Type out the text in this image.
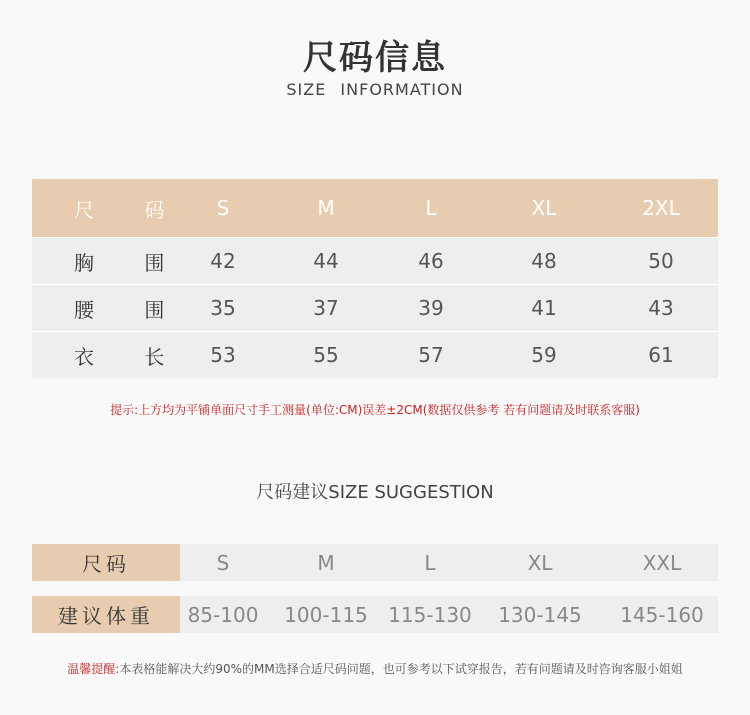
尺码信息
SIZE INFORMATION
尺 码	S	M	L	XL	2XL
胸 围	42	44	46	48	50
腰 围	35	37	39	41	43
衣 长	53	55	57	59	61
提示:上方均为平铺单面尺寸手工测量(单位:CM)误差±2CM(数据仅供参考 若有问题请及时联系客服)
尺码建议SIZE SUGGESTION
尺码	S	M	L	XL	XXL
建议体重	85-100	100-115	115-130	130-145	145-160
温馨提醒:本表格能解决大约90%的MM选择合适尺码问题，也可参考以下试穿报告，若有问题请及时咨询客服小姐姐
